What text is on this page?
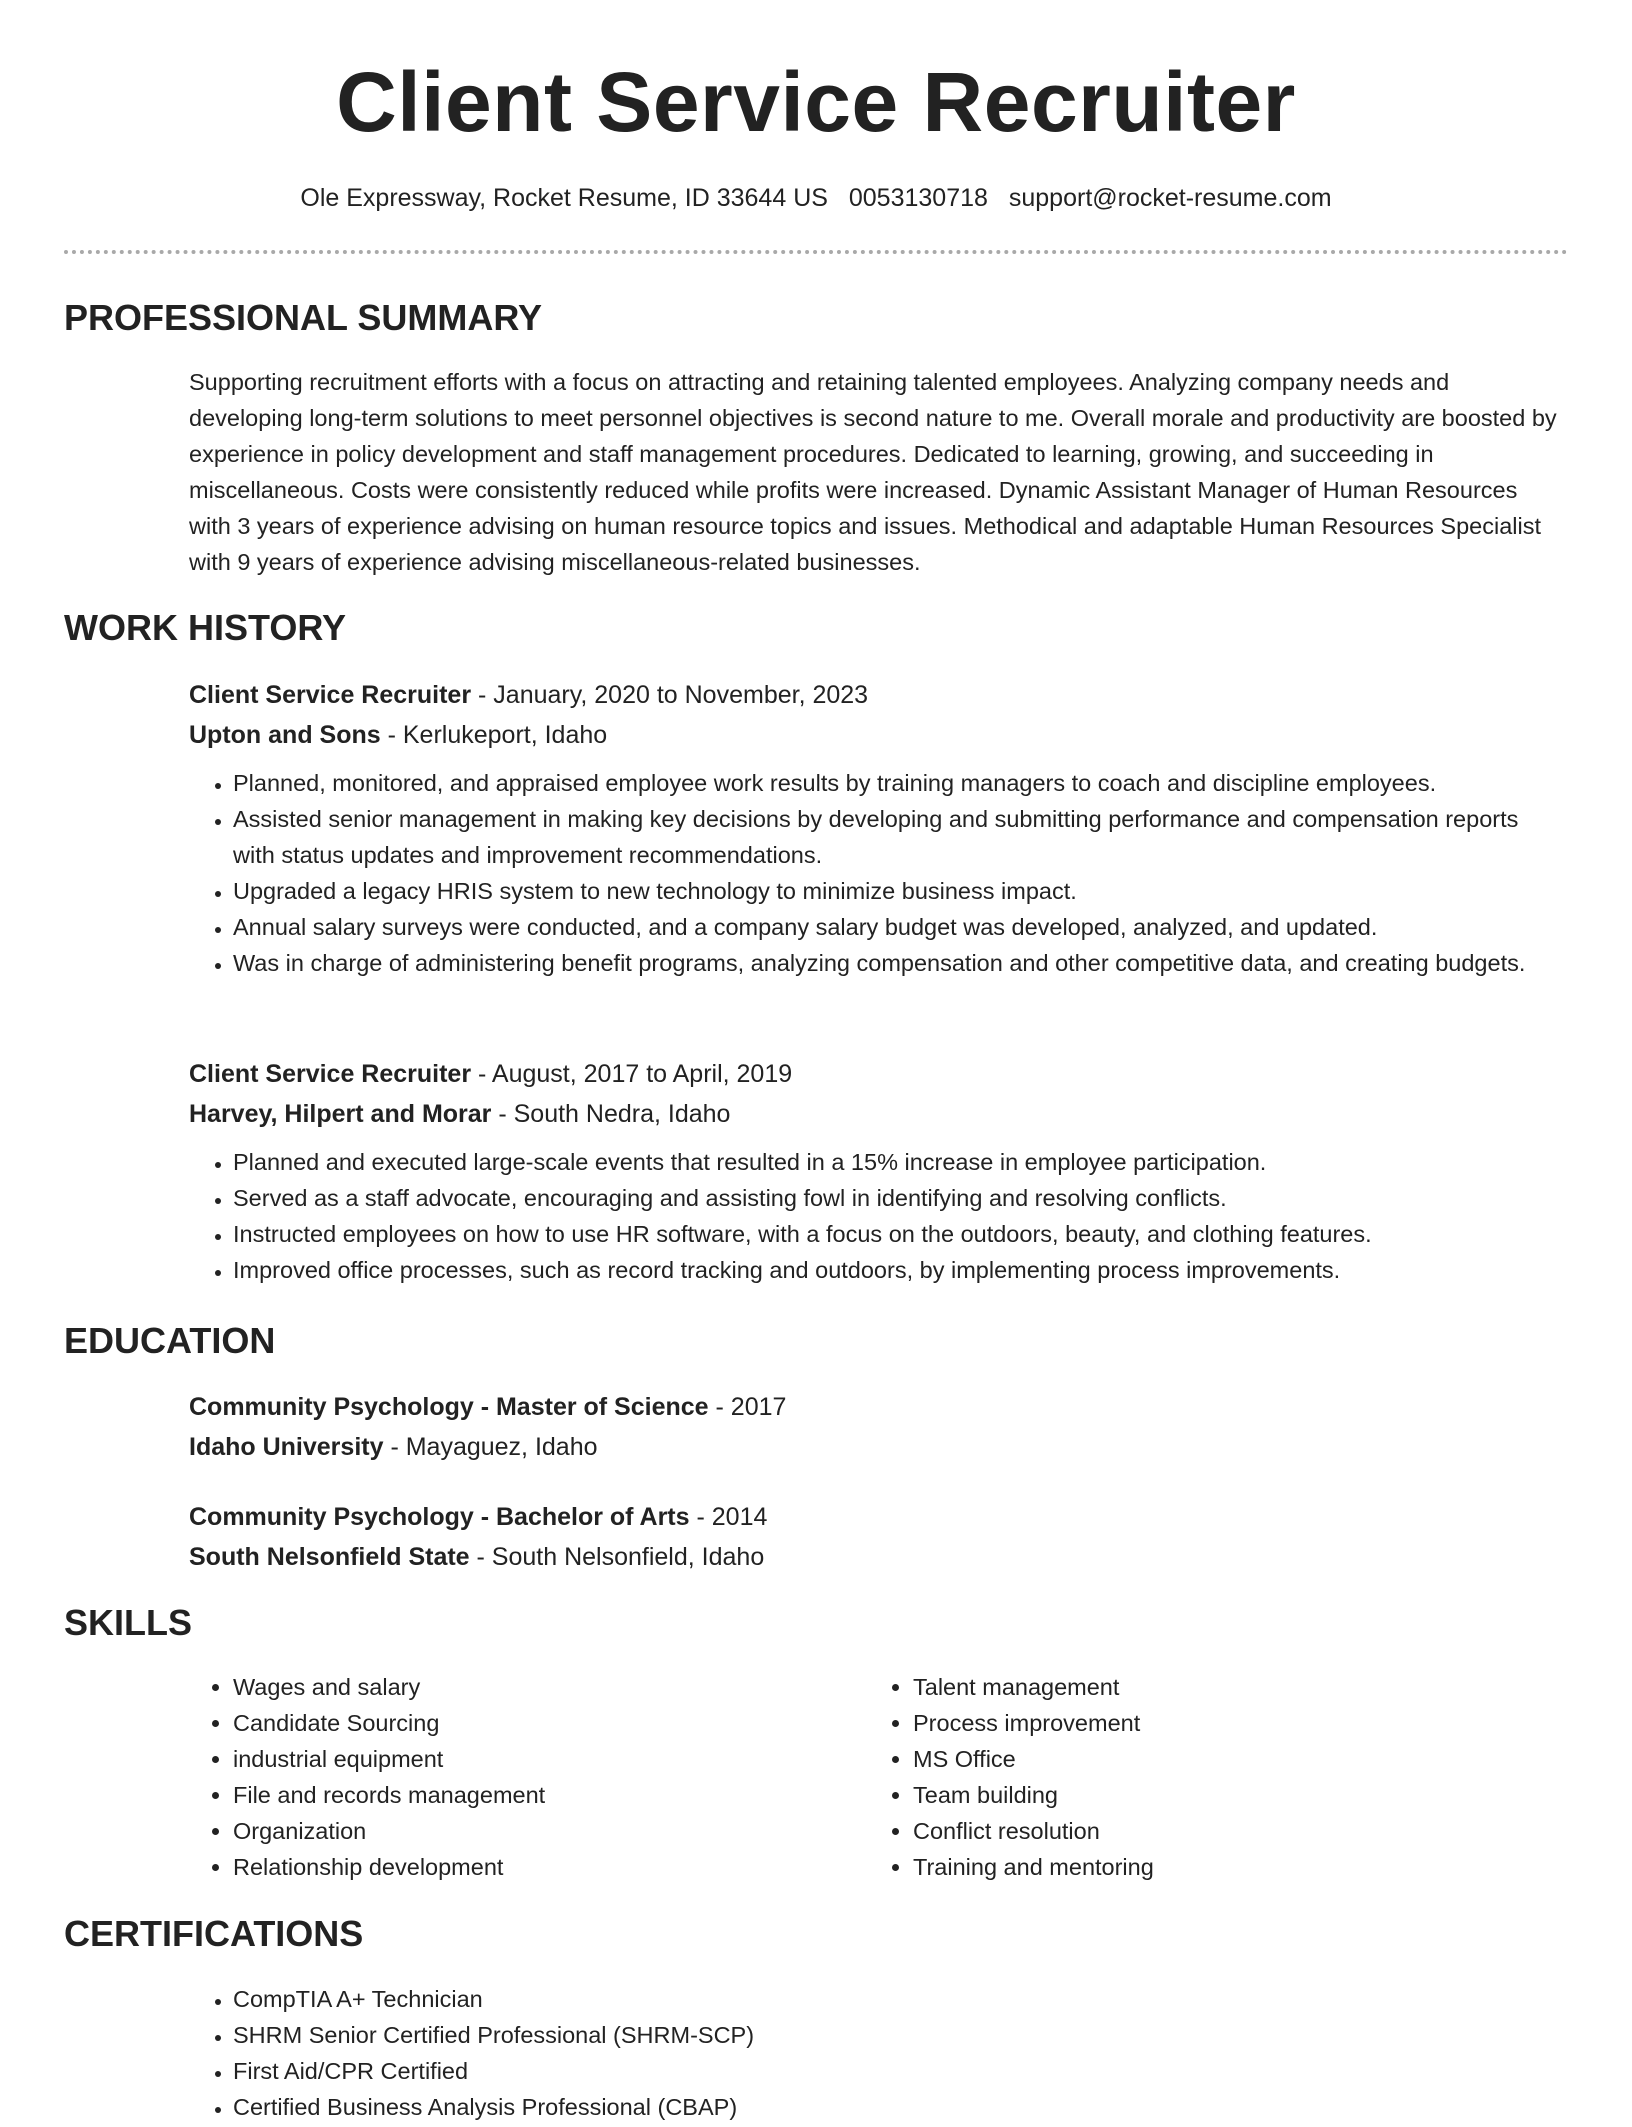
Client Service Recruiter
Ole Expressway, Rocket Resume, ID 33644 US 0053130718 support@rocket-resume.com
PROFESSIONAL SUMMARY

Supporting recruitment efforts with a focus on attracting and retaining talented employees. Analyzing company needs and developing long-term solutions to meet personnel objectives is second nature to me. Overall morale and productivity are boosted by experience in policy development and staff management procedures. Dedicated to learning, growing, and succeeding in miscellaneous. Costs were consistently reduced while profits were increased. Dynamic Assistant Manager of Human Resources with 3 years of experience advising on human resource topics and issues. Methodical and adaptable Human Resources Specialist with 9 years of experience advising miscellaneous-related businesses.

WORK HISTORY
Client Service Recruiter - January, 2020 to November, 2023
Upton and Sons - Kerlukeport, Idaho
• Planned, monitored, and appraised employee work results by training managers to coach and discipline employees.
• Assisted senior management in making key decisions by developing and submitting performance and compensation reports with status updates and improvement recommendations.
• Upgraded a legacy HRIS system to new technology to minimize business impact.
• Annual salary surveys were conducted, and a company salary budget was developed, analyzed, and updated.
• Was in charge of administering benefit programs, analyzing compensation and other competitive data, and creating budgets.
Client Service Recruiter - August, 2017 to April, 2019
Harvey, Hilpert and Morar - South Nedra, Idaho
• Planned and executed large-scale events that resulted in a 15% increase in employee participation.
• Served as a staff advocate, encouraging and assisting fowl in identifying and resolving conflicts.
• Instructed employees on how to use HR software, with a focus on the outdoors, beauty, and clothing features.
• Improved office processes, such as record tracking and outdoors, by implementing process improvements.
EDUCATION
Community Psychology - Master of Science - 2017
Idaho University - Mayaguez, Idaho
Community Psychology - Bachelor of Arts - 2014
South Nelsonfield State - South Nelsonfield, Idaho
SKILLS
• Wages and salary
• Candidate Sourcing
• industrial equipment
• File and records management
• Organization
• Relationship development
• Talent management
• Process improvement
• MS Office
• Team building
• Conflict resolution
• Training and mentoring
CERTIFICATIONS
• CompTIA A+ Technician
• SHRM Senior Certified Professional (SHRM-SCP)
• First Aid/CPR Certified
• Certified Business Analysis Professional (CBAP)
